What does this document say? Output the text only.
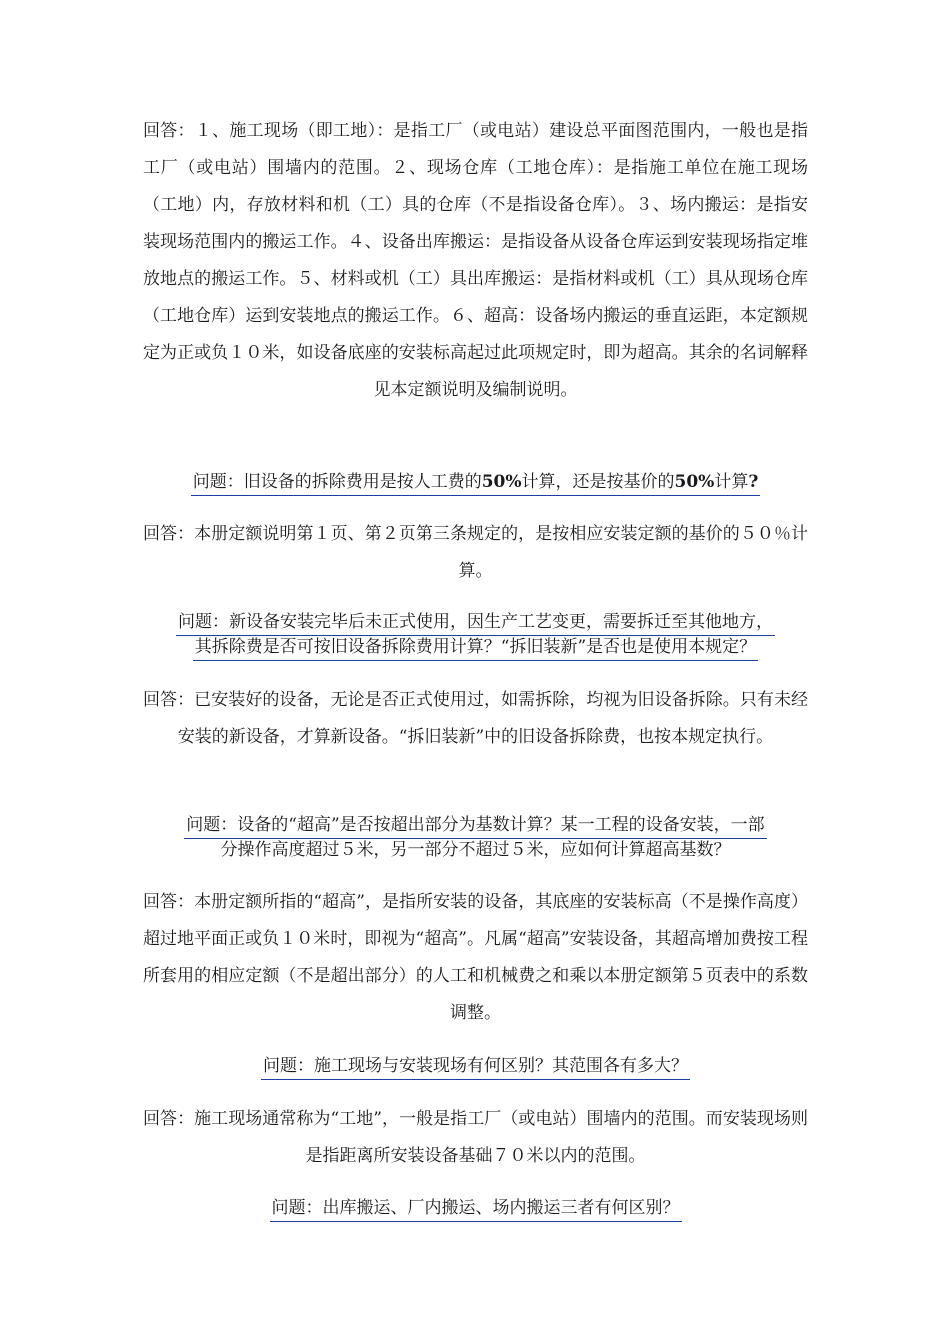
回答：１、施工现场（即工地）：是指工厂（或电站）建设总平面图范围内，一般也是指工厂（或电站）围墙内的范围。２、现场仓库（工地仓库）：是指施工单位在施工现场（工地）内，存放材料和机（工）具的仓库（不是指设备仓库）。３、场内搬运：是指安装现场范围内的搬运工作。４、设备出库搬运：是指设备从设备仓库运到安装现场指定堆放地点的搬运工作。５、材料或机（工）具出库搬运：是指材料或机（工）具从现场仓库（工地仓库）运到安装地点的搬运工作。６、超高：设备场内搬运的垂直运距，本定额规定为正或负１０米，如设备底座的安装标高起过此项规定时，即为超高。其余的名词解释见本定额说明及编制说明。

问题：旧设备的拆除费用是按人工费的50%计算，还是按基价的50%计算?

回答：本册定额说明第１页、第２页第三条规定的，是按相应安装定额的基价的５０％计算。

问题：新设备安装完毕后未正式使用，因生产工艺变更，需要拆迁至其他地方，
其拆除费是否可按旧设备拆除费用计算？“拆旧装新”是否也是使用本规定？

回答：已安装好的设备，无论是否正式使用过，如需拆除，均视为旧设备拆除。只有未经安装的新设备，才算新设备。“拆旧装新”中的旧设备拆除费，也按本规定执行。

问题：设备的“超高”是否按超出部分为基数计算？某一工程的设备安装，一部
分操作高度超过５米，另一部分不超过５米，应如何计算超高基数？

回答：本册定额所指的“超高”，是指所安装的设备，其底座的安装标高（不是操作高度）超过地平面正或负１０米时，即视为“超高”。凡属“超高”安装设备，其超高增加费按工程所套用的相应定额（不是超出部分）的人工和机械费之和乘以本册定额第５页表中的系数调整。

问题：施工现场与安装现场有何区别？其范围各有多大？

回答：施工现场通常称为“工地”，一般是指工厂（或电站）围墙内的范围。而安装现场则是指距离所安装设备基础７０米以内的范围。

问题：出库搬运、厂内搬运、场内搬运三者有何区别？
